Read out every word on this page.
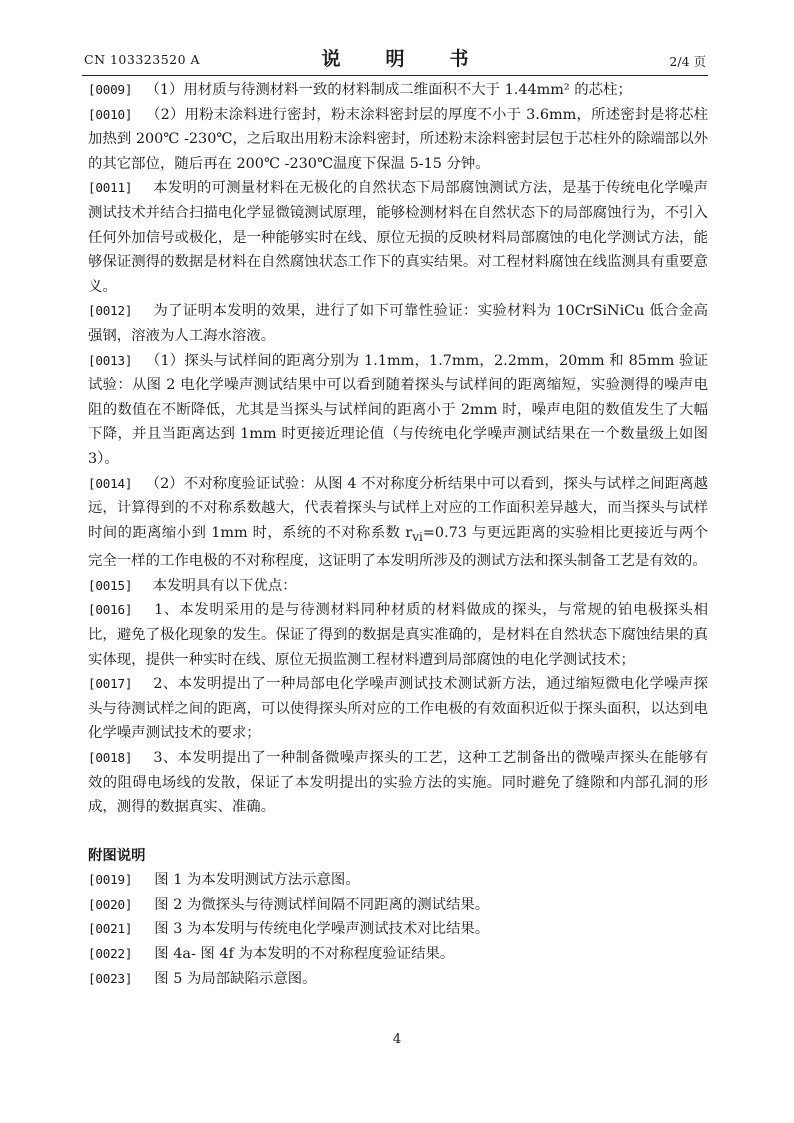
CN 103323520 A	说　明　书	2/4 页

[0009]　（1）用材质与待测材料一致的材料制成二维面积不大于 1.44mm² 的芯柱；

[0010]　（2）用粉末涂料进行密封，粉末涂料密封层的厚度不小于 3.6mm，所述密封是将芯柱加热到 200℃ -230℃，之后取出用粉末涂料密封，所述粉末涂料密封层包于芯柱外的除端部以外的其它部位，随后再在 200℃ -230℃温度下保温 5-15 分钟。

[0011]　本发明的可测量材料在无极化的自然状态下局部腐蚀测试方法，是基于传统电化学噪声测试技术并结合扫描电化学显微镜测试原理，能够检测材料在自然状态下的局部腐蚀行为，不引入任何外加信号或极化，是一种能够实时在线、原位无损的反映材料局部腐蚀的电化学测试方法，能够保证测得的数据是材料在自然腐蚀状态工作下的真实结果。对工程材料腐蚀在线监测具有重要意义。

[0012]　为了证明本发明的效果，进行了如下可靠性验证：实验材料为 10CrSiNiCu 低合金高强钢，溶液为人工海水溶液。

[0013]　（1）探头与试样间的距离分别为 1.1mm，1.7mm，2.2mm，20mm 和 85mm 验证试验：从图 2 电化学噪声测试结果中可以看到随着探头与试样间的距离缩短，实验测得的噪声电阻的数值在不断降低，尤其是当探头与试样间的距离小于 2mm 时，噪声电阻的数值发生了大幅下降，并且当距离达到 1mm 时更接近理论值（与传统电化学噪声测试结果在一个数量级上如图 3）。

[0014]　（2）不对称度验证试验：从图 4 不对称度分析结果中可以看到，探头与试样之间距离越远，计算得到的不对称系数越大，代表着探头与试样上对应的工作面积差异越大，而当探头与试样时间的距离缩小到 1mm 时，系统的不对称系数 $r_{vi}=0.73$ 与更远距离的实验相比更接近与两个完全一样的工作电极的不对称程度，这证明了本发明所涉及的测试方法和探头制备工艺是有效的。

[0015]　本发明具有以下优点：

[0016]　1、本发明采用的是与待测材料同种材质的材料做成的探头，与常规的铂电极探头相比，避免了极化现象的发生。保证了得到的数据是真实准确的，是材料在自然状态下腐蚀结果的真实体现，提供一种实时在线、原位无损监测工程材料遭到局部腐蚀的电化学测试技术；

[0017]　2、本发明提出了一种局部电化学噪声测试技术测试新方法，通过缩短微电化学噪声探头与待测试样之间的距离，可以使得探头所对应的工作电极的有效面积近似于探头面积，以达到电化学噪声测试技术的要求；

[0018]　3、本发明提出了一种制备微噪声探头的工艺，这种工艺制备出的微噪声探头在能够有效的阻碍电场线的发散，保证了本发明提出的实验方法的实施。同时避免了缝隙和内部孔洞的形成，测得的数据真实、准确。

附图说明

[0019] 图 1 为本发明测试方法示意图。

[0020] 图 2 为微探头与待测试样间隔不同距离的测试结果。

[0021] 图 3 为本发明与传统电化学噪声测试技术对比结果。

[0022] 图 4a- 图 4f 为本发明的不对称程度验证结果。

[0023] 图 5 为局部缺陷示意图。

4
